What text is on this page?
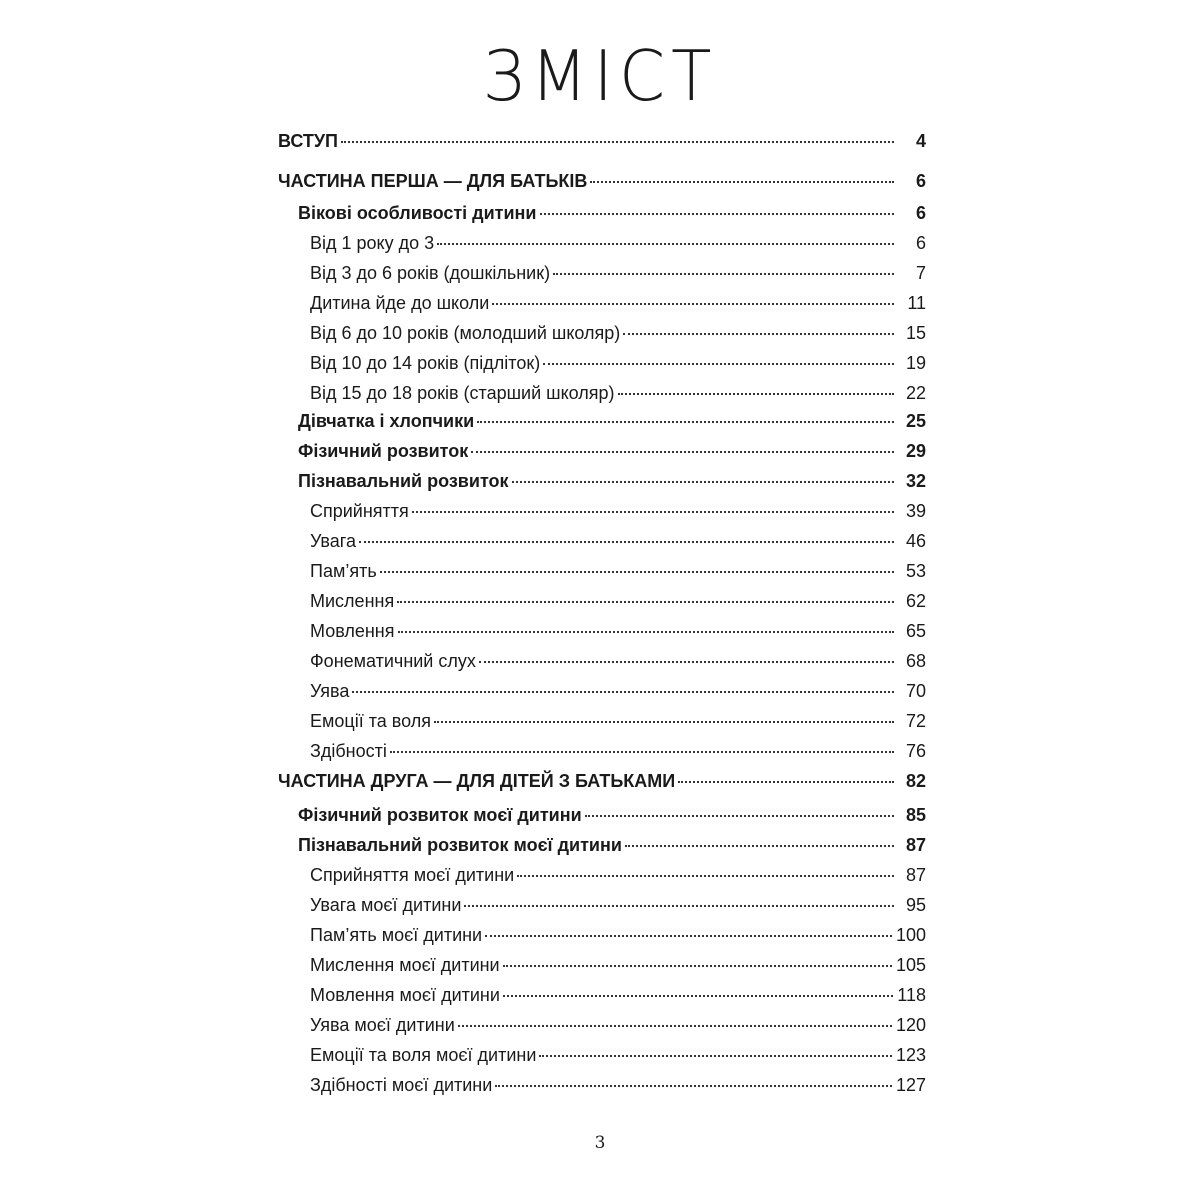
ЗМІСТ
ВСТУП	4
ЧАСТИНА ПЕРША — ДЛЯ БАТЬКІВ	6
Вікові особливості дитини	6
Від 1 року до 3	6
Від 3 до 6 років (дошкільник)	7
Дитина йде до школи	11
Від 6 до 10 років (молодший школяр)	15
Від 10 до 14 років (підліток)	19
Від 15 до 18 років (старший школяр)	22
Дівчатка і хлопчики	25
Фізичний розвиток	29
Пізнавальний розвиток	32
Сприйняття	39
Увага	46
Пам’ять	53
Мислення	62
Мовлення	65
Фонематичний слух	68
Уява	70
Емоції та воля	72
Здібності	76
ЧАСТИНА ДРУГА — ДЛЯ ДІТЕЙ З БАТЬКАМИ	82
Фізичний розвиток моєї дитини	85
Пізнавальний розвиток моєї дитини	87
Сприйняття моєї дитини	87
Увага моєї дитини	95
Пам’ять моєї дитини	100
Мислення моєї дитини	105
Мовлення моєї дитини	118
Уява моєї дитини	120
Емоції та воля моєї дитини	123
Здібності моєї дитини	127
3
